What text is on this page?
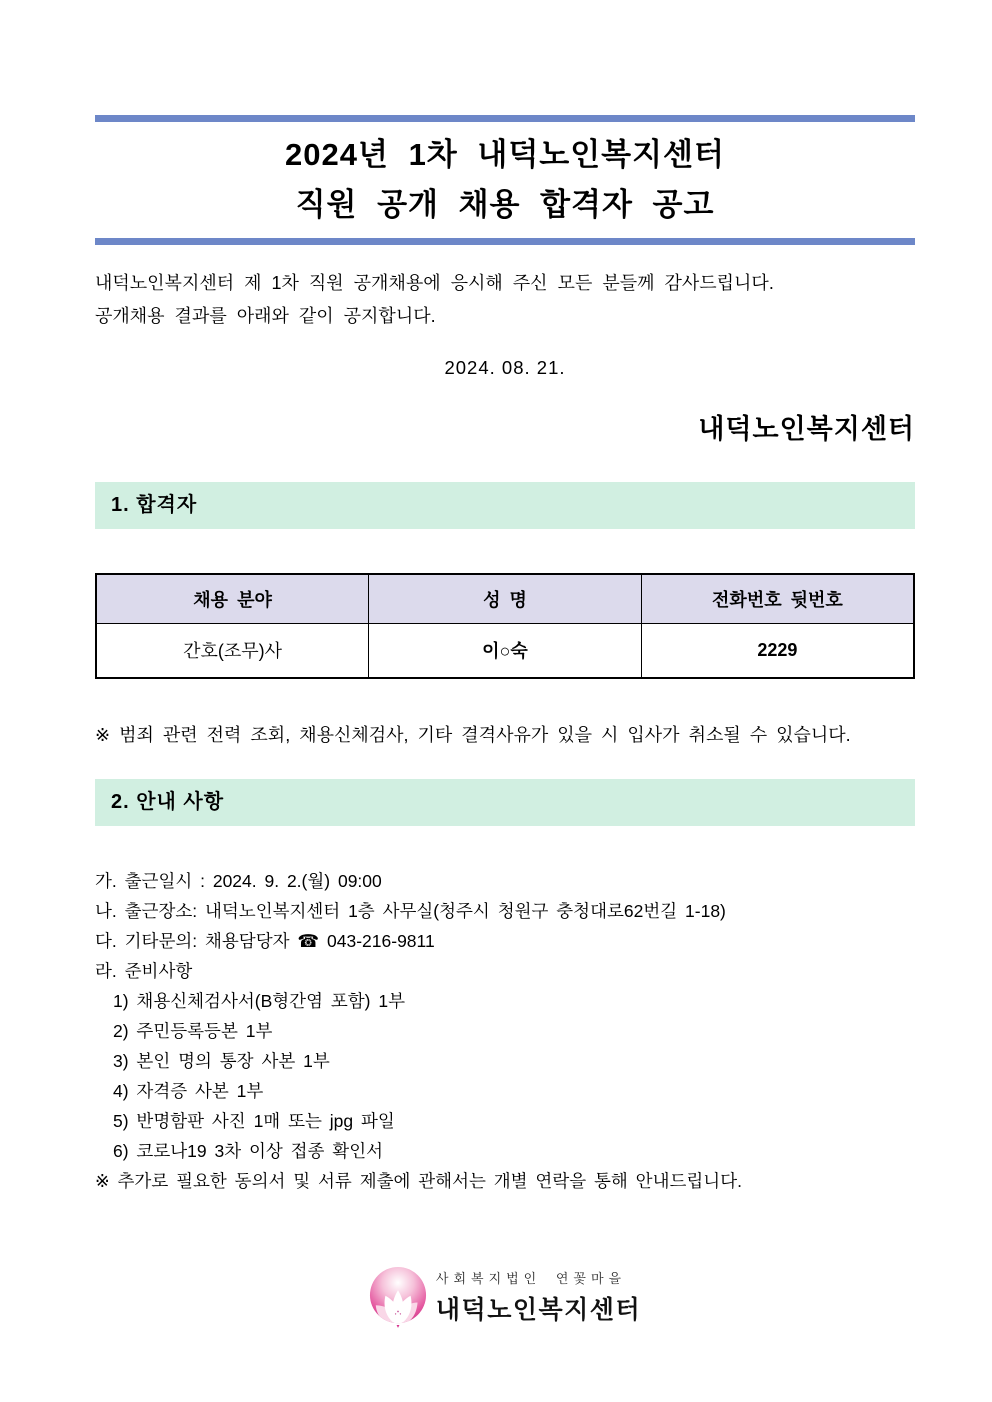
2024년 1차 내덕노인복지센터
직원 공개 채용 합격자 공고
내덕노인복지센터 제 1차 직원 공개채용에 응시해 주신 모든 분들께 감사드립니다.
공개채용 결과를 아래와 같이 공지합니다.
2024. 08. 21.
내덕노인복지센터
1. 합격자
채용 분야	성 명	전화번호 뒷번호
간호(조무)사	이○숙	2229
※ 범죄 관련 전력 조회, 채용신체검사, 기타 결격사유가 있을 시 입사가 취소될 수 있습니다.
2. 안내 사항
가. 출근일시 : 2024. 9. 2.(월) 09:00
나. 출근장소: 내덕노인복지센터 1층 사무실(청주시 청원구 충청대로62번길 1-18)
다. 기타문의: 채용담당자 ☎ 043-216-9811
라. 준비사항
1) 채용신체검사서(B형간염 포함) 1부
2) 주민등록등본 1부
3) 본인 명의 통장 사본 1부
4) 자격증 사본 1부
5) 반명함판 사진 1매 또는 jpg 파일
6) 코로나19 3차 이상 접종 확인서
※ 추가로 필요한 동의서 및 서류 제출에 관해서는 개별 연락을 통해 안내드립니다.
사회복지법인 연꽃마을
내덕노인복지센터
